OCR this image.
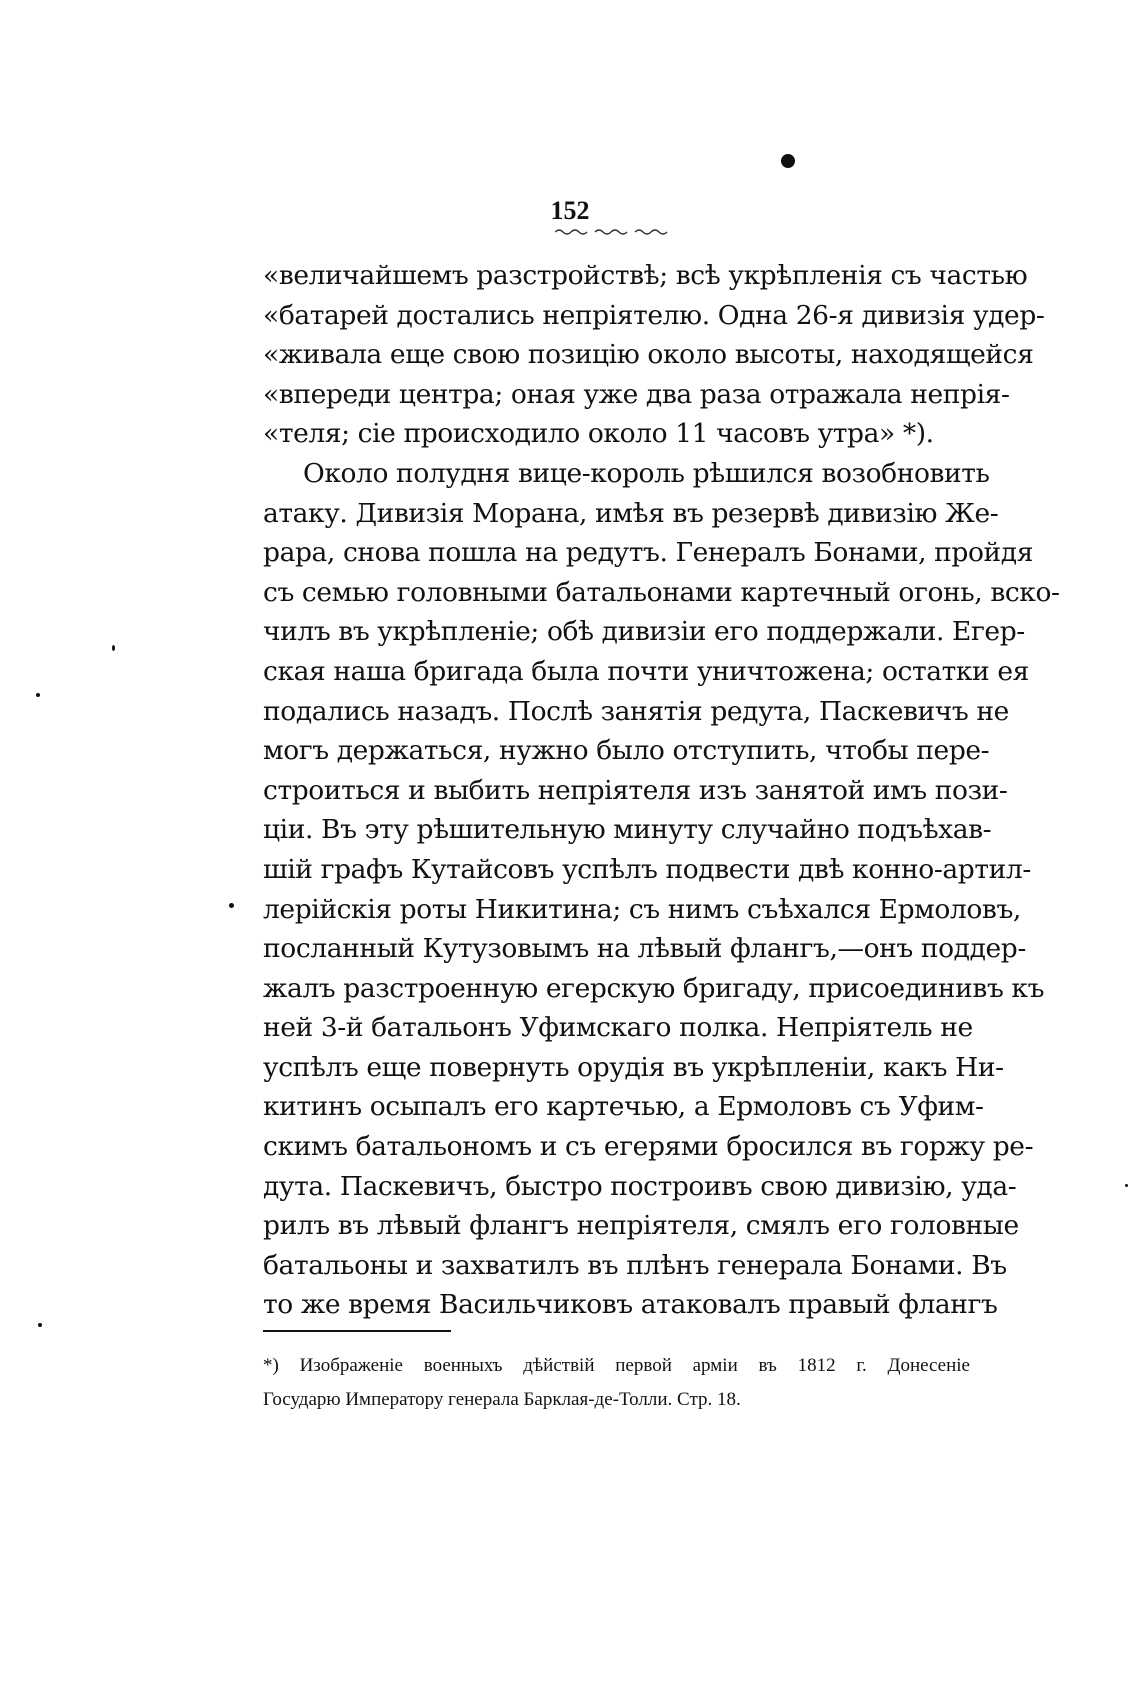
152
«величайшемъ разстройствѣ; всѣ укрѣпленія съ частью
«батарей достались непріятелю. Одна 26-я дивизія удер-
«живала еще свою позицію около высоты, находящейся
«впереди центра; оная уже два раза отражала непрія-
«теля; сіе происходило около 11 часовъ утра» *).
Около полудня вице-король рѣшился возобновить
атаку. Дивизія Морана, имѣя въ резервѣ дивизію Же-
рара, снова пошла на редутъ. Генералъ Бонами, пройдя
съ семью головными батальонами картечный огонь, вско-
чилъ въ укрѣпленіе; обѣ дивизіи его поддержали. Егер-
ская наша бригада была почти уничтожена; остатки ея
подались назадъ. Послѣ занятія редута, Паскевичъ не
могъ держаться, нужно было отступить, чтобы пере-
строиться и выбить непріятеля изъ занятой имъ пози-
ціи. Въ эту рѣшительную минуту случайно подъѣхав-
шій графъ Кутайсовъ успѣлъ подвести двѣ конно-артил-
лерійскія роты Никитина; съ нимъ съѣхался Ермоловъ,
посланный Кутузовымъ на лѣвый флангъ,—онъ поддер-
жалъ разстроенную егерскую бригаду, присоединивъ къ
ней 3-й батальонъ Уфимскаго полка. Непріятель не
успѣлъ еще повернуть орудія въ укрѣпленіи, какъ Ни-
китинъ осыпалъ его картечью, а Ермоловъ съ Уфим-
скимъ батальономъ и съ егерями бросился въ горжу ре-
дута. Паскевичъ, быстро построивъ свою дивизію, уда-
рилъ въ лѣвый флангъ непріятеля, смялъ его головные
батальоны и захватилъ въ плѣнъ генерала Бонами. Въ
то же время Васильчиковъ атаковалъ правый флангъ
*) Изображеніе военныхъ дѣйствій первой арміи въ 1812 г. Донесеніе
Государю Императору генерала Барклая-де-Толли. Стр. 18.
